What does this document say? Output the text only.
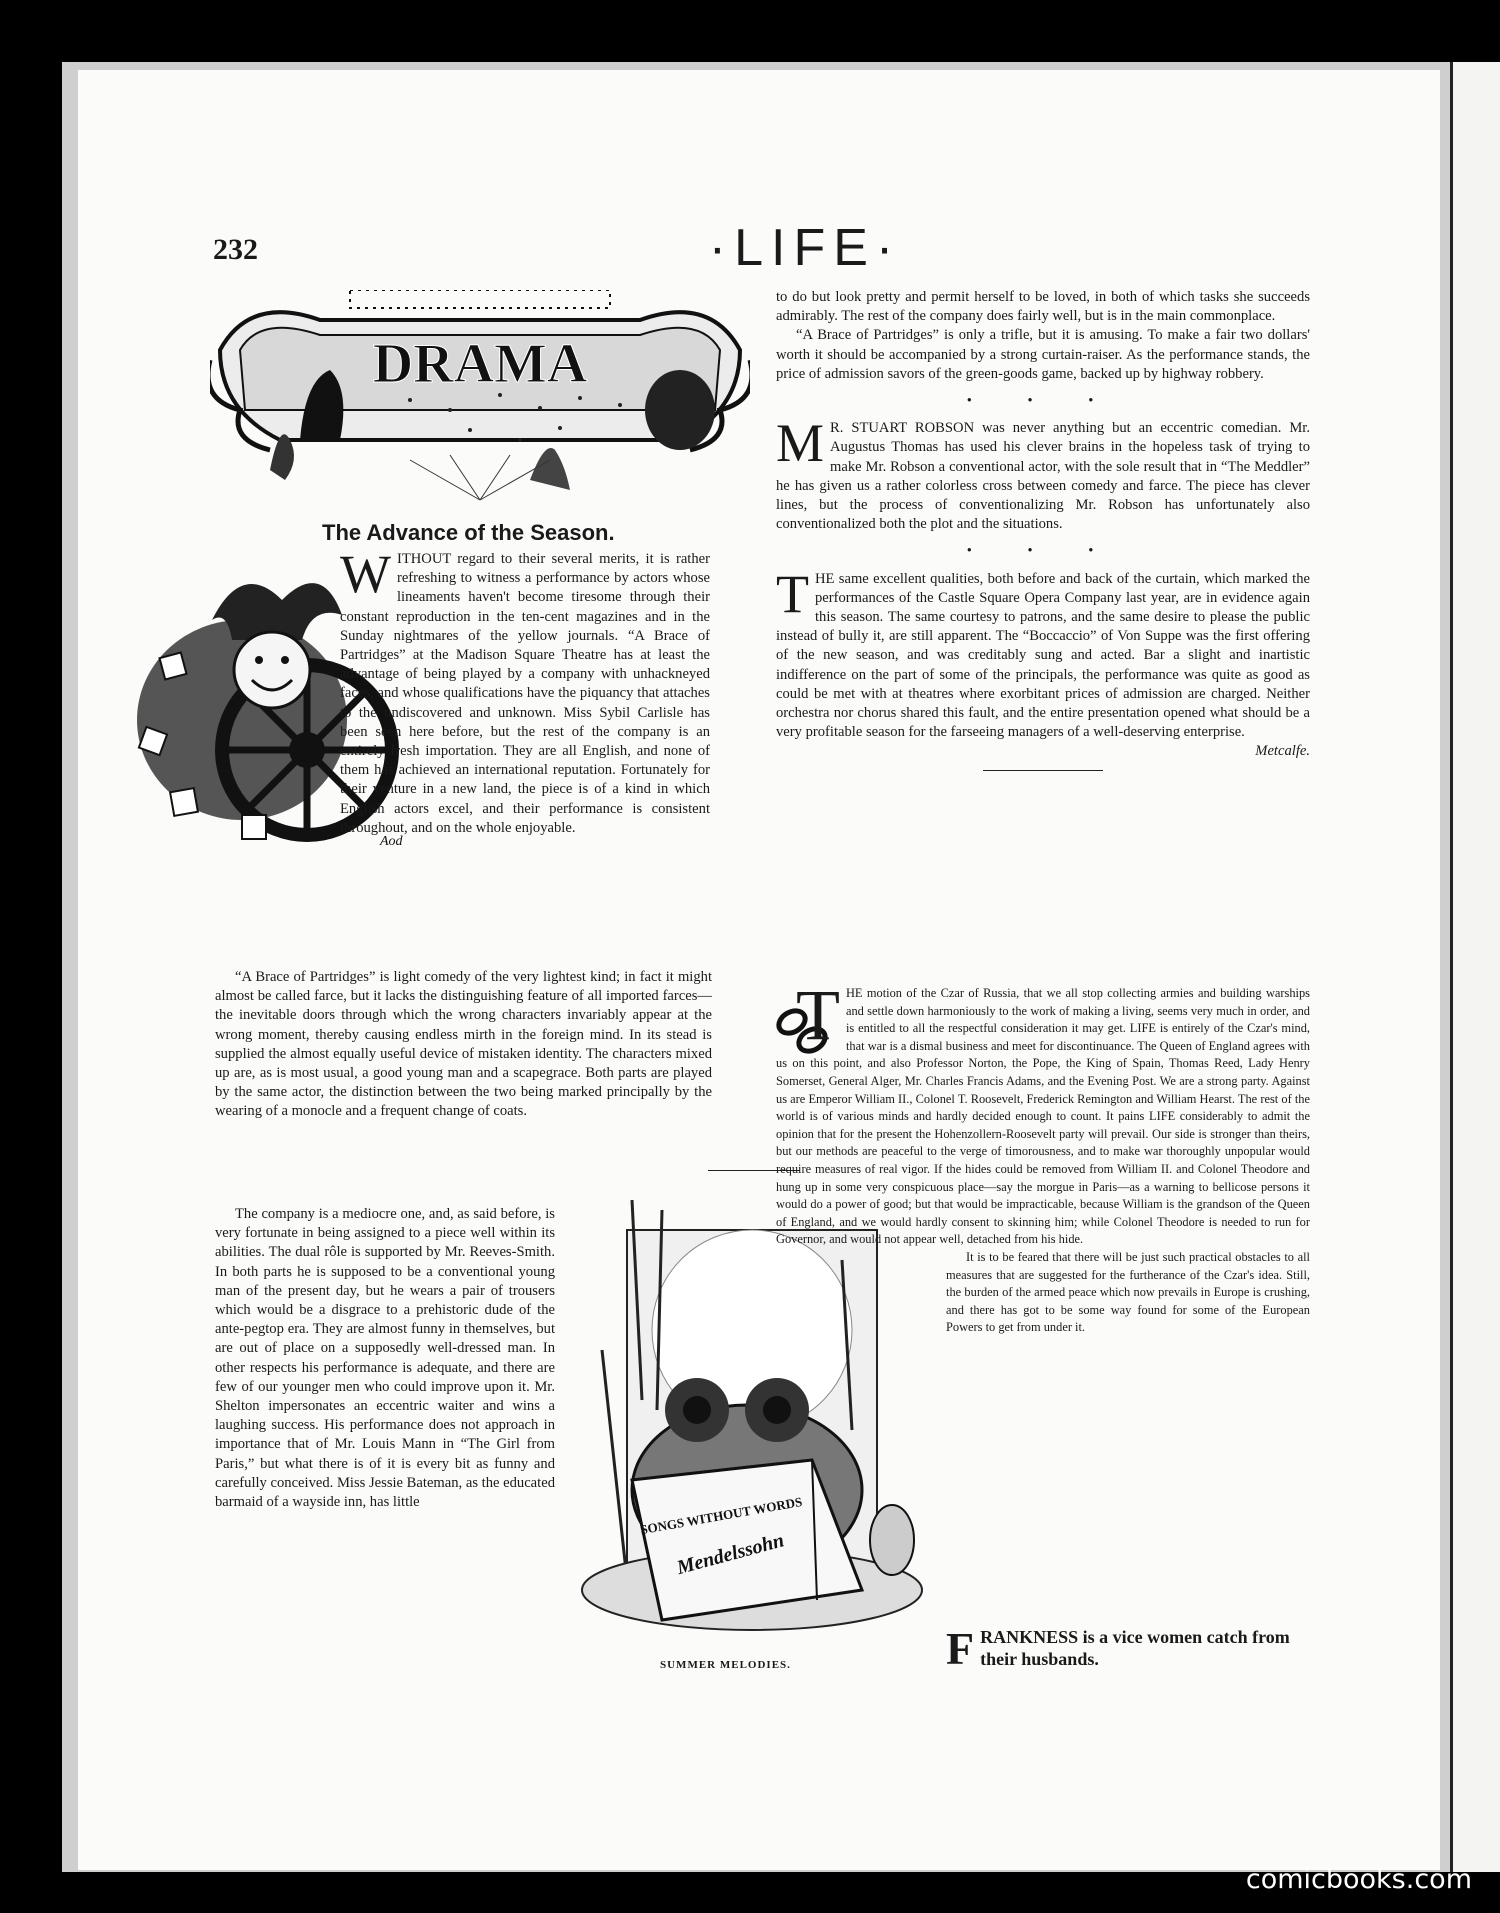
232	·LIFE·
DRAMA
The Advance of the Season.
Aod

WITHOUT regard to their several merits, it is rather refreshing to witness a performance by actors whose lineaments haven't become tiresome through their constant reproduction in the ten-cent magazines and in the Sunday nightmares of the yellow journals. “A Brace of Partridges” at the Madison Square Theatre has at least the advantage of being played by a company with unhackneyed faces, and whose qualifications have the piquancy that attaches to the undiscovered and unknown. Miss Sybil Carlisle has been seen here before, but the rest of the company is an entirely fresh importation. They are all English, and none of them has achieved an international reputation. Fortunately for their venture in a new land, the piece is of a kind in which English actors excel, and their performance is consistent throughout, and on the whole enjoyable.

“A Brace of Partridges” is light comedy of the very lightest kind; in fact it might almost be called farce, but it lacks the distinguishing feature of all imported farces—the inevitable doors through which the wrong characters invariably appear at the wrong moment, thereby causing endless mirth in the foreign mind. In its stead is supplied the almost equally useful device of mistaken identity. The characters mixed up are, as is most usual, a good young man and a scapegrace. Both parts are played by the same actor, the distinction between the two being marked principally by the wearing of a monocle and a frequent change of coats.

The company is a mediocre one, and, as said before, is very fortunate in being assigned to a piece well within its abilities. The dual rôle is supported by Mr. Reeves-Smith. In both parts he is supposed to be a conventional young man of the present day, but he wears a pair of trousers which would be a disgrace to a prehistoric dude of the ante-pegtop era. They are almost funny in themselves, but are out of place on a supposedly well-dressed man. In other respects his performance is adequate, and there are few of our younger men who could improve upon it. Mr. Shelton impersonates an eccentric waiter and wins a laughing success. His performance does not approach in importance that of Mr. Louis Mann in “The Girl from Paris,” but what there is of it is every bit as funny and carefully conceived. Miss Jessie Bateman, as the educated barmaid of a wayside inn, has little	SONGS WITHOUT WORDS
Mendelssohn
SUMMER MELODIES.

to do but look pretty and permit herself to be loved, in both of which tasks she succeeds admirably. The rest of the company does fairly well, but is in the main commonplace.

“A Brace of Partridges” is only a trifle, but it is amusing. To make a fair two dollars' worth it should be accompanied by a strong curtain-raiser. As the performance stands, the price of admission savors of the green-goods game, backed up by highway robbery.

• • •

M R. STUART ROBSON was never anything but an eccentric comedian. Mr. Augustus Thomas has used his clever brains in the hopeless task of trying to make Mr. Robson a conventional actor, with the sole result that in “The Meddler” he has given us a rather colorless cross between comedy and farce. The piece has clever lines, but the process of conventionalizing Mr. Robson has unfortunately also conventionalized both the plot and the situations.

• • •

THE same excellent qualities, both before and back of the curtain, which marked the performances of the Castle Square Opera Company last year, are in evidence again this season. The same courtesy to patrons, and the same desire to please the public instead of bully it, are still apparent. The “Boccaccio” of Von Suppe was the first offering of the new season, and was creditably sung and acted. Bar a slight and inartistic indifference on the part of some of the principals, the performance was quite as good as could be met with at theatres where exorbitant prices of admission are charged. Neither orchestra nor chorus shared this fault, and the entire presentation opened what should be a very profitable season for the farseeing managers of a well-deserving enterprise.

Metcalfe.

THE motion of the Czar of Russia, that we all stop collecting armies and building warships and settle down harmoniously to the work of making a living, seems very much in order, and is entitled to all the respectful consideration it may get. LIFE is entirely of the Czar's mind, that war is a dismal business and meet for discontinuance. The Queen of England agrees with us on this point, and also Professor Norton, the Pope, the King of Spain, Thomas Reed, Lady Henry Somerset, General Alger, Mr. Charles Francis Adams, and the Evening Post. We are a strong party. Against us are Emperor William II., Colonel T. Roosevelt, Frederick Remington and William Hearst. The rest of the world is of various minds and hardly decided enough to count. It pains LIFE considerably to admit the opinion that for the present the Hohenzollern-Roosevelt party will prevail. Our side is stronger than theirs, but our methods are peaceful to the verge of timorousness, and to make war thoroughly unpopular would require measures of real vigor. If the hides could be removed from William II. and Colonel Theodore and hung up in some very conspicuous place—say the morgue in Paris—as a warning to bellicose persons it would do a power of good; but that would be impracticable, because William is the grandson of the Queen of England, and we would hardly consent to skinning him; while Colonel Theodore is needed to run for Governor, and would not appear well, detached from his hide.

It is to be feared that there will be just such practical obstacles to all measures that are suggested for the furtherance of the Czar's idea. Still, the burden of the armed peace which now prevails in Europe is crushing, and there has got to be some way found for some of the European Powers to get from under it.

FRANKNESS is a vice women catch from their husbands.
comicbooks.com
